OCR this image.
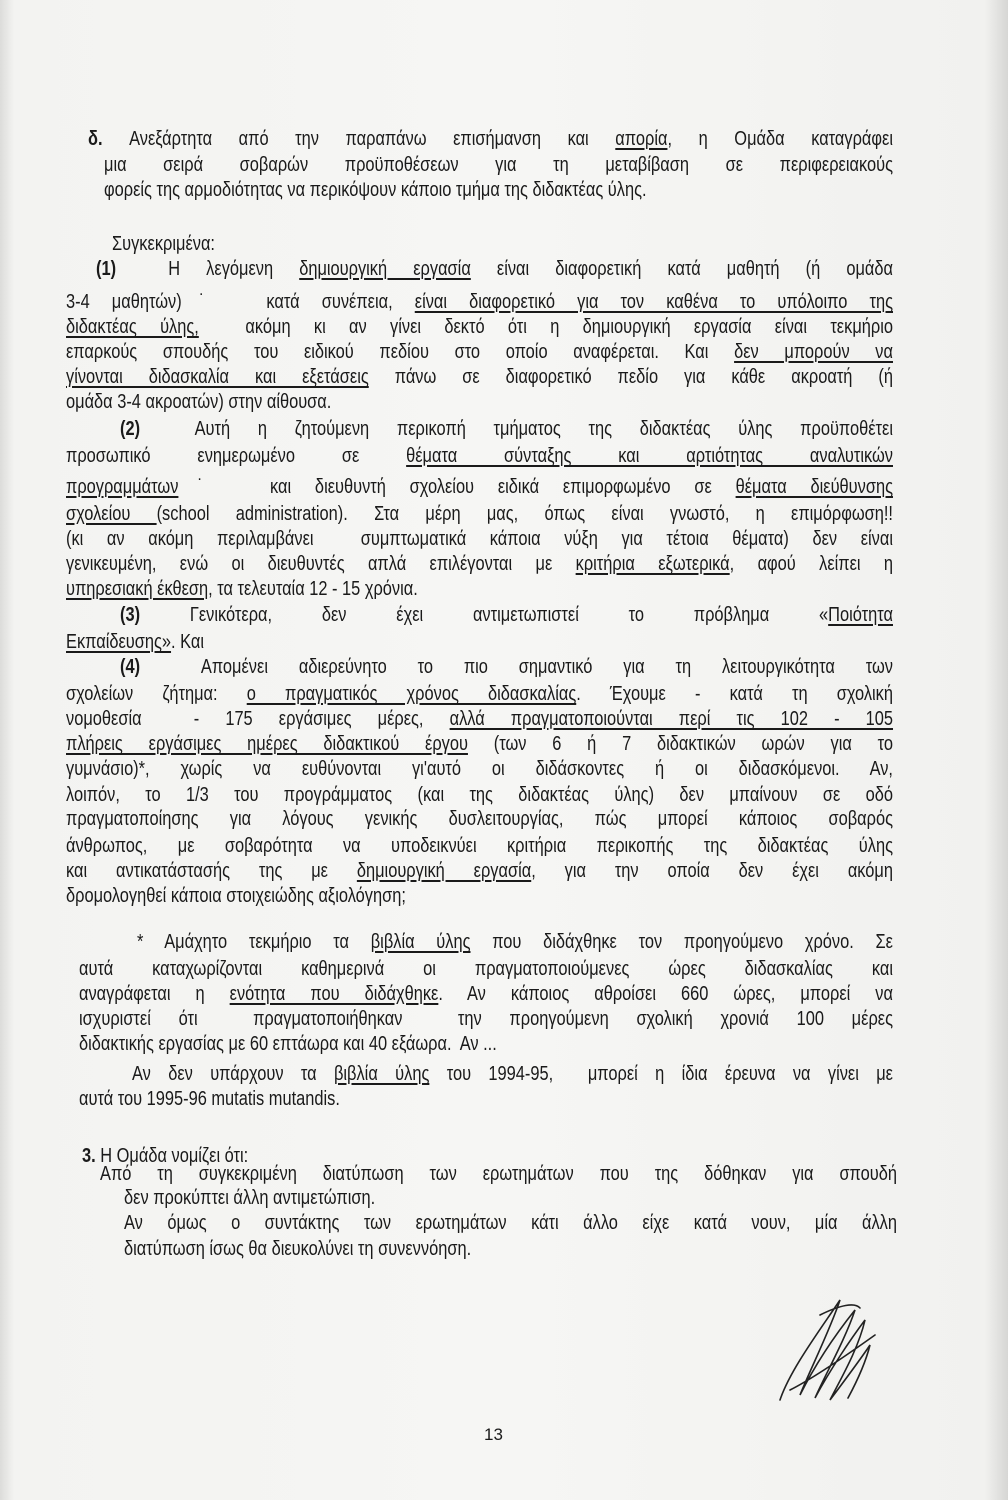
δ. Ανεξάρτητα από την παραπάνω επισήμανση και απορία, η Ομάδα καταγράφει
μια σειρά σοβαρών προϋποθέσεων για τη μεταβίβαση σε περιφερειακούς
φορείς της αρμοδιότητας να περικόψουν κάποιο τμήμα της διδακτέας ύλης.
Συγκεκριμένα:
(1)  Η λεγόμενη δημιουργική εργασία είναι διαφορετική κατά μαθητή (ή ομάδα
3-4 μαθητών)˙  κατά συνέπεια, είναι διαφορετικό για τον καθένα το υπόλοιπο της
διδακτέας ύλης,  ακόμη κι αν γίνει δεκτό ότι η δημιουργική εργασία είναι τεκμήριο
επαρκούς σπουδής του ειδικού πεδίου στο οποίο αναφέρεται. Και δεν μπορούν να
γίνονται διδασκαλία και εξετάσεις πάνω σε διαφορετικό πεδίο για κάθε ακροατή (ή
ομάδα 3-4 ακροατών) στην αίθουσα.
(2)  Αυτή η ζητούμενη περικοπή τμήματος της διδακτέας ύλης προϋποθέτει
προσωπικό ενημερωμένο σε θέματα σύνταξης και αρτιότητας αναλυτικών
προγραμμάτων˙  και διευθυντή σχολείου ειδικά επιμορφωμένο σε θέματα διεύθυνσης
σχολείου (school administration). Στα μέρη μας, όπως είναι γνωστό, η επιμόρφωση!!
(κι αν ακόμη περιλαμβάνει  συμπτωματικά κάποια νύξη για τέτοια θέματα) δεν είναι
γενικευμένη, ενώ οι διευθυντές απλά επιλέγονται με κριτήρια εξωτερικά, αφού λείπει η
υπηρεσιακή έκθεση, τα τελευταία 12 - 15 χρόνια.
(3) Γενικότερα, δεν έχει αντιμετωπιστεί το πρόβλημα «Ποιότητα
Εκπαίδευσης». Και
(4)  Απομένει αδιερεύνητο το πιο σημαντικό για τη λειτουργικότητα των
σχολείων ζήτημα: ο πραγματικός χρόνος διδασκαλίας. Έχουμε - κατά τη σχολική
νομοθεσία  - 175 εργάσιμες μέρες, αλλά πραγματοποιούνται περί τις 102 - 105
πλήρεις εργάσιμες ημέρες διδακτικού έργου (των 6 ή 7 διδακτικών ωρών για το
γυμνάσιο)*, χωρίς να ευθύνονται γι'αυτό οι διδάσκοντες ή οι διδασκόμενοι. Αν,
λοιπόν, το 1/3 του προγράμματος (και της διδακτέας ύλης) δεν μπαίνουν σε οδό
πραγματοποίησης για λόγους γενικής δυσλειτουργίας, πώς μπορεί κάποιος σοβαρός
άνθρωπος, με σοβαρότητα να υποδεικνύει κριτήρια περικοπής της διδακτέας ύλης
και αντικατάστασής της με δημιουργική εργασία, για την οποία δεν έχει ακόμη
δρομολογηθεί κάποια στοιχειώδης αξιολόγηση;
* Αμάχητο τεκμήριο τα βιβλία ύλης που διδάχθηκε τον προηγούμενο χρόνο. Σε
αυτά καταχωρίζονται καθημερινά οι πραγματοποιούμενες ώρες διδασκαλίας και
αναγράφεται η ενότητα που διδάχθηκε. Αν κάποιος αθροίσει 660 ώρες, μπορεί να
ισχυριστεί ότι  πραγματοποιήθηκαν  την προηγούμενη σχολική χρονιά 100 μέρες
διδακτικής εργασίας με 60 επτάωρα και 40 εξάωρα.  Αν ...
Αν δεν υπάρχουν τα βιβλία ύλης του 1994-95,  μπορεί η ίδια έρευνα να γίνει με
αυτά του 1995-96 mutatis mutandis.
3. Η Ομάδα νομίζει ότι:
Από τη συγκεκριμένη διατύπωση των ερωτημάτων που της δόθηκαν για σπουδή
δεν προκύπτει άλλη αντιμετώπιση.
Αν όμως ο συντάκτης των ερωτημάτων κάτι άλλο είχε κατά νουν, μία άλλη
διατύπωση ίσως θα διευκολύνει τη συνεννόηση.
13
